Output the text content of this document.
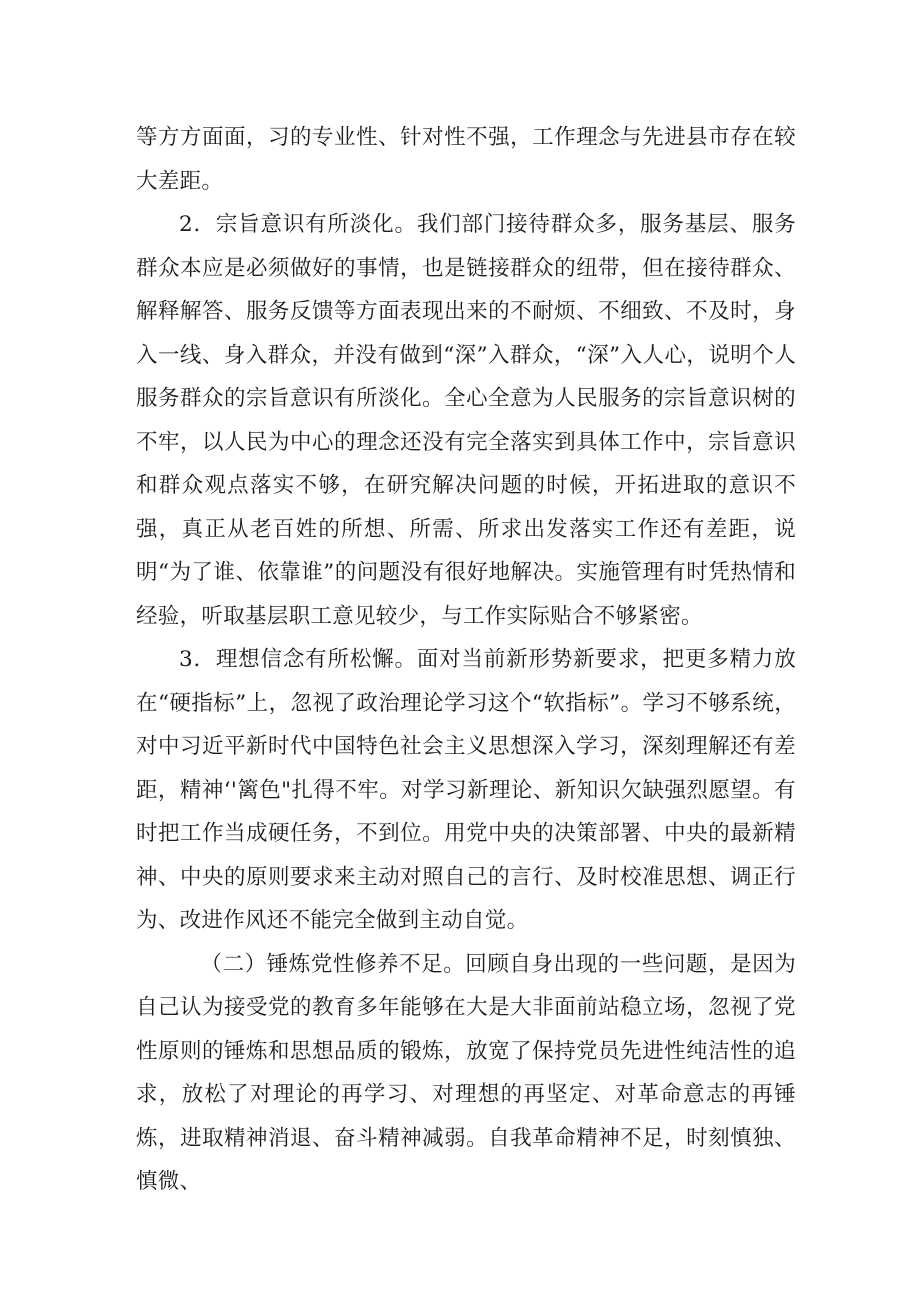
等方方面面，习的专业性、针对性不强，工作理念与先进县市存在较大差距。

2．宗旨意识有所淡化。我们部门接待群众多，服务基层、服务群众本应是必须做好的事情，也是链接群众的纽带，但在接待群众、解释解答、服务反馈等方面表现出来的不耐烦、不细致、不及时，身入一线、身入群众，并没有做到“深”入群众，“深”入人心，说明个人服务群众的宗旨意识有所淡化。全心全意为人民服务的宗旨意识树的不牢，以人民为中心的理念还没有完全落实到具体工作中，宗旨意识和群众观点落实不够，在研究解决问题的时候，开拓进取的意识不强，真正从老百姓的所想、所需、所求出发落实工作还有差距，说明“为了谁、依靠谁”的问题没有很好地解决。实施管理有时凭热情和经验，听取基层职工意见较少，与工作实际贴合不够紧密。

3．理想信念有所松懈。面对当前新形势新要求，把更多精力放在“硬指标”上，忽视了政治理论学习这个“软指标”。学习不够系统，对中习近平新时代中国特色社会主义思想深入学习，深刻理解还有差距，精神‘'篱色"扎得不牢。对学习新理论、新知识欠缺强烈愿望。有时把工作当成硬任务，不到位。用党中央的决策部署、中央的最新精神、中央的原则要求来主动对照自己的言行、及时校准思想、调正行为、改进作风还不能完全做到主动自觉。

（二）锤炼党性修养不足。回顾自身出现的一些问题，是因为自己认为接受党的教育多年能够在大是大非面前站稳立场，忽视了党性原则的锤炼和思想品质的锻炼，放宽了保持党员先进性纯洁性的追求，放松了对理论的再学习、对理想的再坚定、对革命意志的再锤炼，进取精神消退、奋斗精神减弱。自我革命精神不足，时刻慎独、慎微、
